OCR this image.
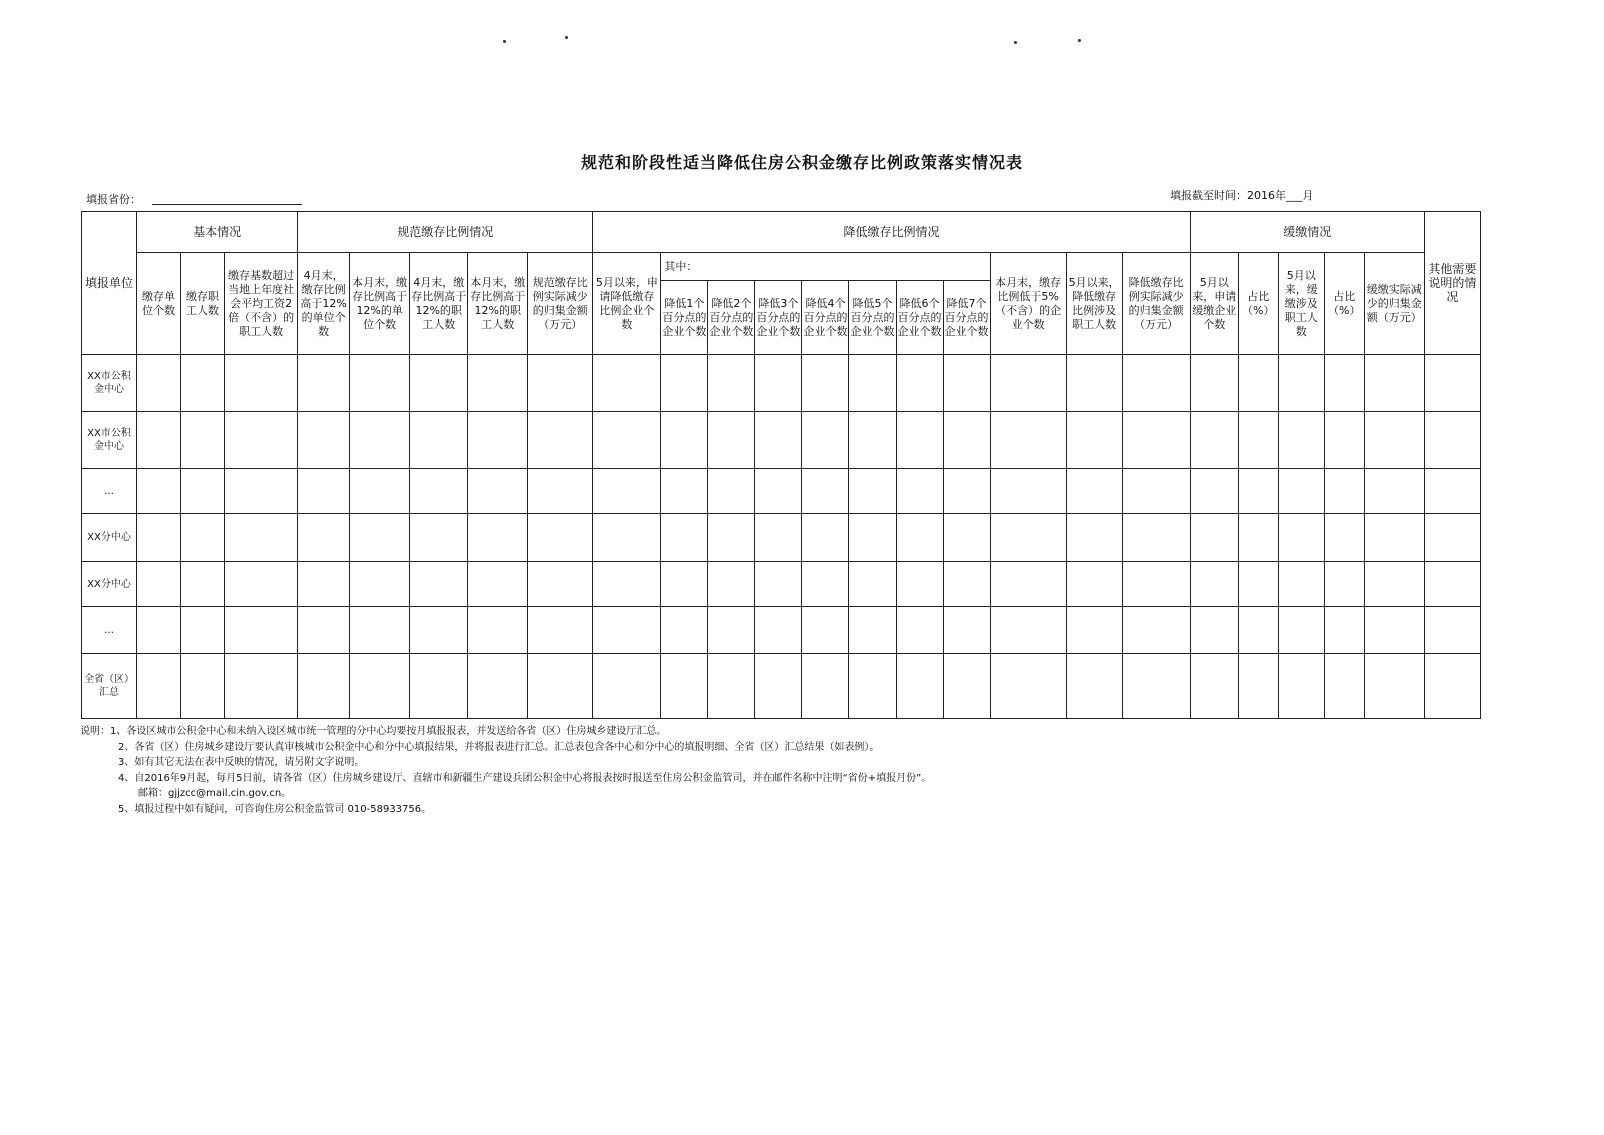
规范和阶段性适当降低住房公积金缴存比例政策落实情况表
填报省份：	填报截至时间：2016年___月
填报单位	基本情况			规范缴存比例情况					降低缴存比例情况											缓缴情况					其他需要说明的情况
	缴存单位个数	缴存职工人数	缴存基数超过当地上年度社会平均工资2倍（不含）的职工人数	4月末，缴存比例高于12%的单位个数	本月末，缴存比例高于12%的单位个数	4月末，缴存比例高于12%的职工人数	本月末，缴存比例高于12%的职工人数	规范缴存比例实际减少的归集金额（万元）	5月以来，申请降低缴存比例企业个数	其中：							本月末，缴存比例低于5%（不含）的企业个数	5月以来，降低缴存比例涉及职工人数	降低缴存比例实际减少的归集金额（万元）	5月以来，申请缓缴企业个数	占比（%）	5月以来，缓缴涉及职工人数	占比（%）	缓缴实际减少的归集金额（万元）	
										降低1个百分点的企业个数	降低2个百分点的企业个数	降低3个百分点的企业个数	降低4个百分点的企业个数	降低5个百分点的企业个数	降低6个百分点的企业个数	降低7个百分点的企业个数									
XX市公积金中心																									
XX市公积金中心																									
…																									
XX分中心																									
XX分中心																									
…																									
全省（区）汇总																									
说明：1、各设区城市公积金中心和未纳入设区城市统一管理的分中心均要按月填报报表，并发送给各省（区）住房城乡建设厅汇总。
2、各省（区）住房城乡建设厅要认真审核城市公积金中心和分中心填报结果，并将报表进行汇总。汇总表包含各中心和分中心的填报明细、全省（区）汇总结果（如表例）。
3、如有其它无法在表中反映的情况，请另附文字说明。
4、自2016年9月起，每月5日前，请各省（区）住房城乡建设厅、直辖市和新疆生产建设兵团公积金中心将报表按时报送至住房公积金监管司，并在邮件名称中注明“省份+填报月份”。
邮箱：gjjzcc@mail.cin.gov.cn。
5、填报过程中如有疑问，可咨询住房公积金监管司 010-58933756。
